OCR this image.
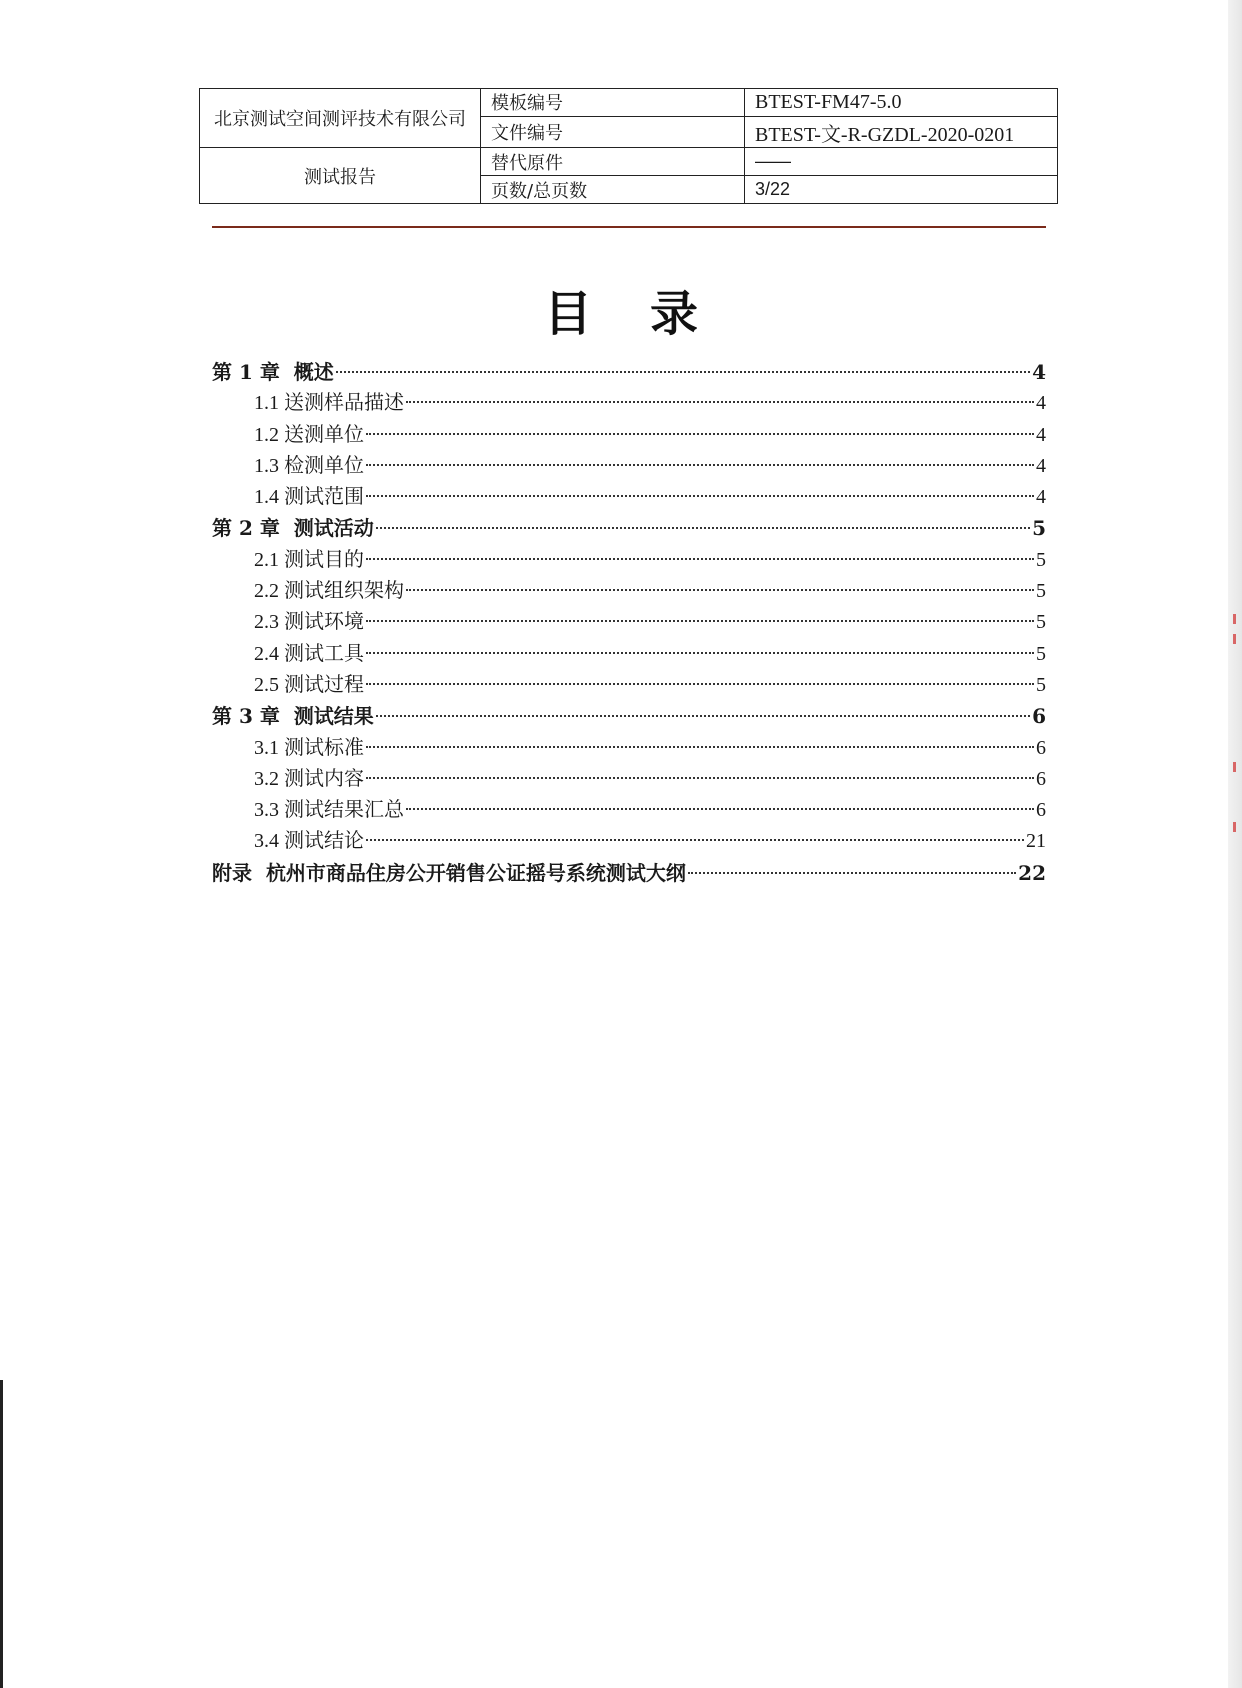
北京测试空间测评技术有限公司	模板编号	BTEST-FM47-5.0
	文件编号	BTEST-文-R-GZDL-2020-0201
测试报告	替代原件	——
	页数/总页数	3/22
目录
第 1 章 概述	4
1.1 送测样品描述	4
1.2 送测单位	4
1.3 检测单位	4
1.4 测试范围	4
第 2 章 测试活动	5
2.1 测试目的	5
2.2 测试组织架构	5
2.3 测试环境	5
2.4 测试工具	5
2.5 测试过程	5
第 3 章 测试结果	6
3.1 测试标准	6
3.2 测试内容	6
3.3 测试结果汇总	6
3.4 测试结论	21
附录 杭州市商品住房公开销售公证摇号系统测试大纲	22
